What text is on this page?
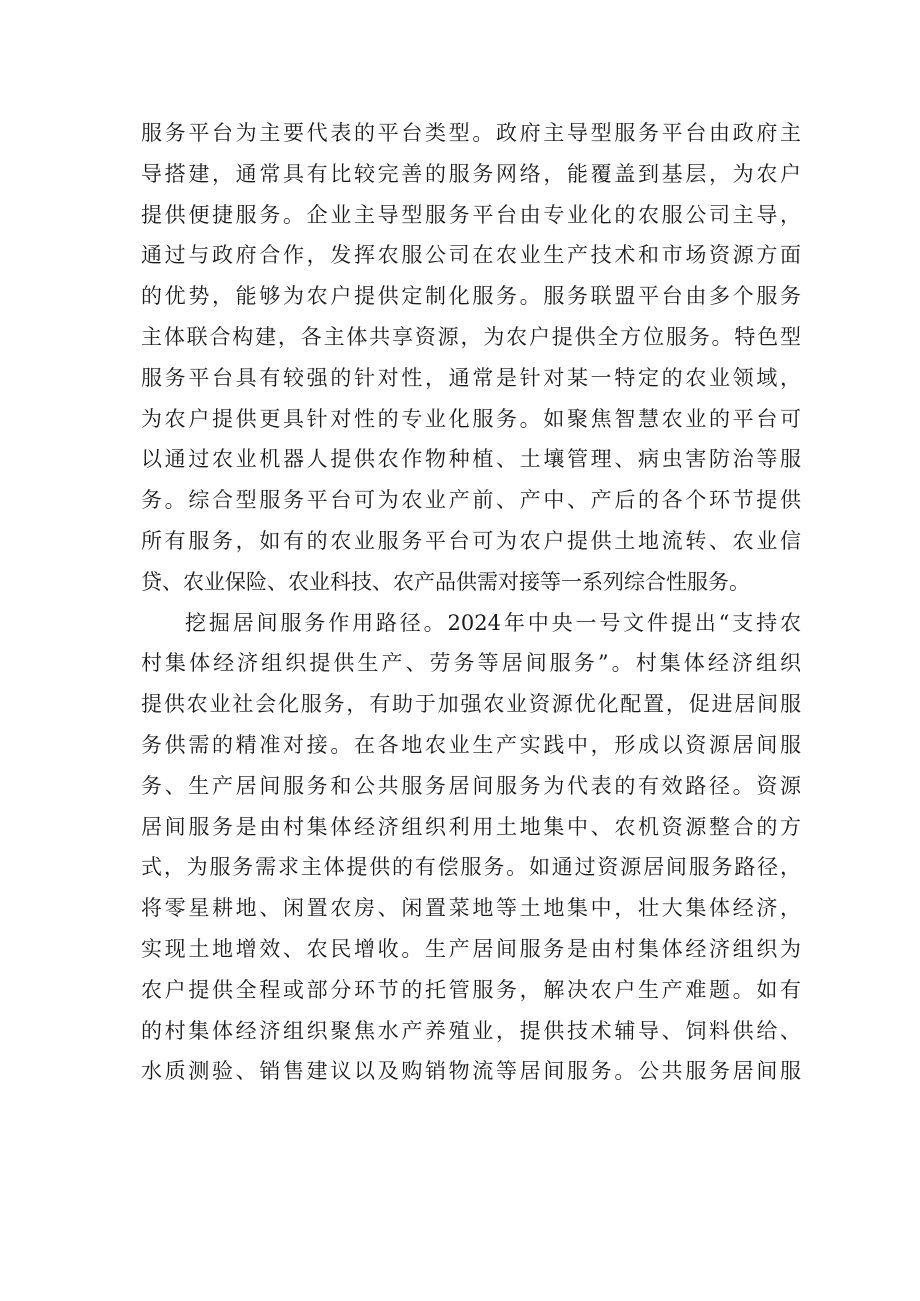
服务平台为主要代表的平台类型。政府主导型服务平台由政府主
导搭建，通常具有比较完善的服务网络，能覆盖到基层，为农户
提供便捷服务。企业主导型服务平台由专业化的农服公司主导，
通过与政府合作，发挥农服公司在农业生产技术和市场资源方面
的优势，能够为农户提供定制化服务。服务联盟平台由多个服务
主体联合构建，各主体共享资源，为农户提供全方位服务。特色型
服务平台具有较强的针对性，通常是针对某一特定的农业领域，
为农户提供更具针对性的专业化服务。如聚焦智慧农业的平台可
以通过农业机器人提供农作物种植、土壤管理、病虫害防治等服
务。综合型服务平台可为农业产前、产中、产后的各个环节提供
所有服务，如有的农业服务平台可为农户提供土地流转、农业信
贷、农业保险、农业科技、农产品供需对接等一系列综合性服务。
挖掘居间服务作用路径。2024年中央一号文件提出“支持农
村集体经济组织提供生产、劳务等居间服务”。村集体经济组织
提供农业社会化服务，有助于加强农业资源优化配置，促进居间服
务供需的精准对接。在各地农业生产实践中，形成以资源居间服
务、生产居间服务和公共服务居间服务为代表的有效路径。资源
居间服务是由村集体经济组织利用土地集中、农机资源整合的方
式，为服务需求主体提供的有偿服务。如通过资源居间服务路径，
将零星耕地、闲置农房、闲置菜地等土地集中，壮大集体经济，
实现土地增效、农民增收。生产居间服务是由村集体经济组织为
农户提供全程或部分环节的托管服务，解决农户生产难题。如有
的村集体经济组织聚焦水产养殖业，提供技术辅导、饲料供给、
水质测验、销售建议以及购销物流等居间服务。公共服务居间服
